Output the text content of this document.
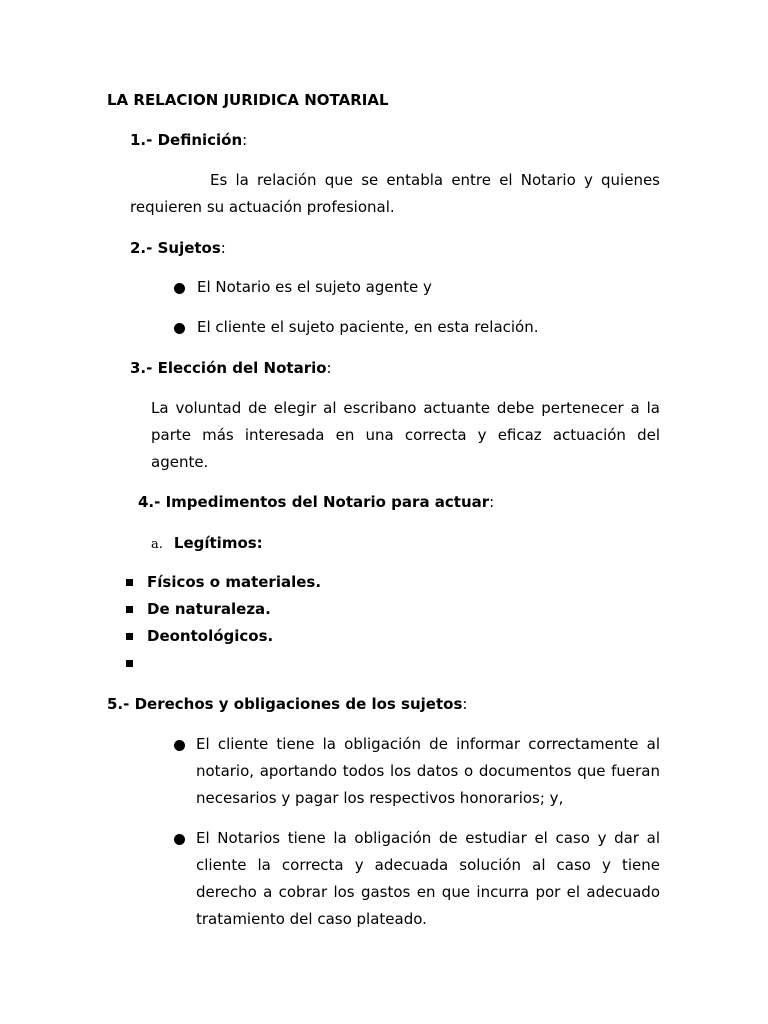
LA RELACION JURIDICA NOTARIAL

1.- Definición:

Es la relación que se entabla entre el Notario y quienes requieren su actuación profesional.

2.- Sujetos:

El Notario es el sujeto agente y

El cliente el sujeto paciente, en esta relación.

3.- Elección del Notario:

La voluntad de elegir al escribano actuante debe pertenecer a la parte más interesada en una correcta y eficaz actuación del agente.

4.- Impedimentos del Notario para actuar:

a. Legítimos:

Físicos o materiales.

De naturaleza.

Deontológicos.

5.- Derechos y obligaciones de los sujetos:

El cliente tiene la obligación de informar correctamente al notario, aportando todos los datos o documentos que fueran necesarios y pagar los respectivos honorarios; y,

El Notarios tiene la obligación de estudiar el caso y dar al cliente la correcta y adecuada solución al caso y tiene derecho a cobrar los gastos en que incurra por el adecuado tratamiento del caso plateado.
